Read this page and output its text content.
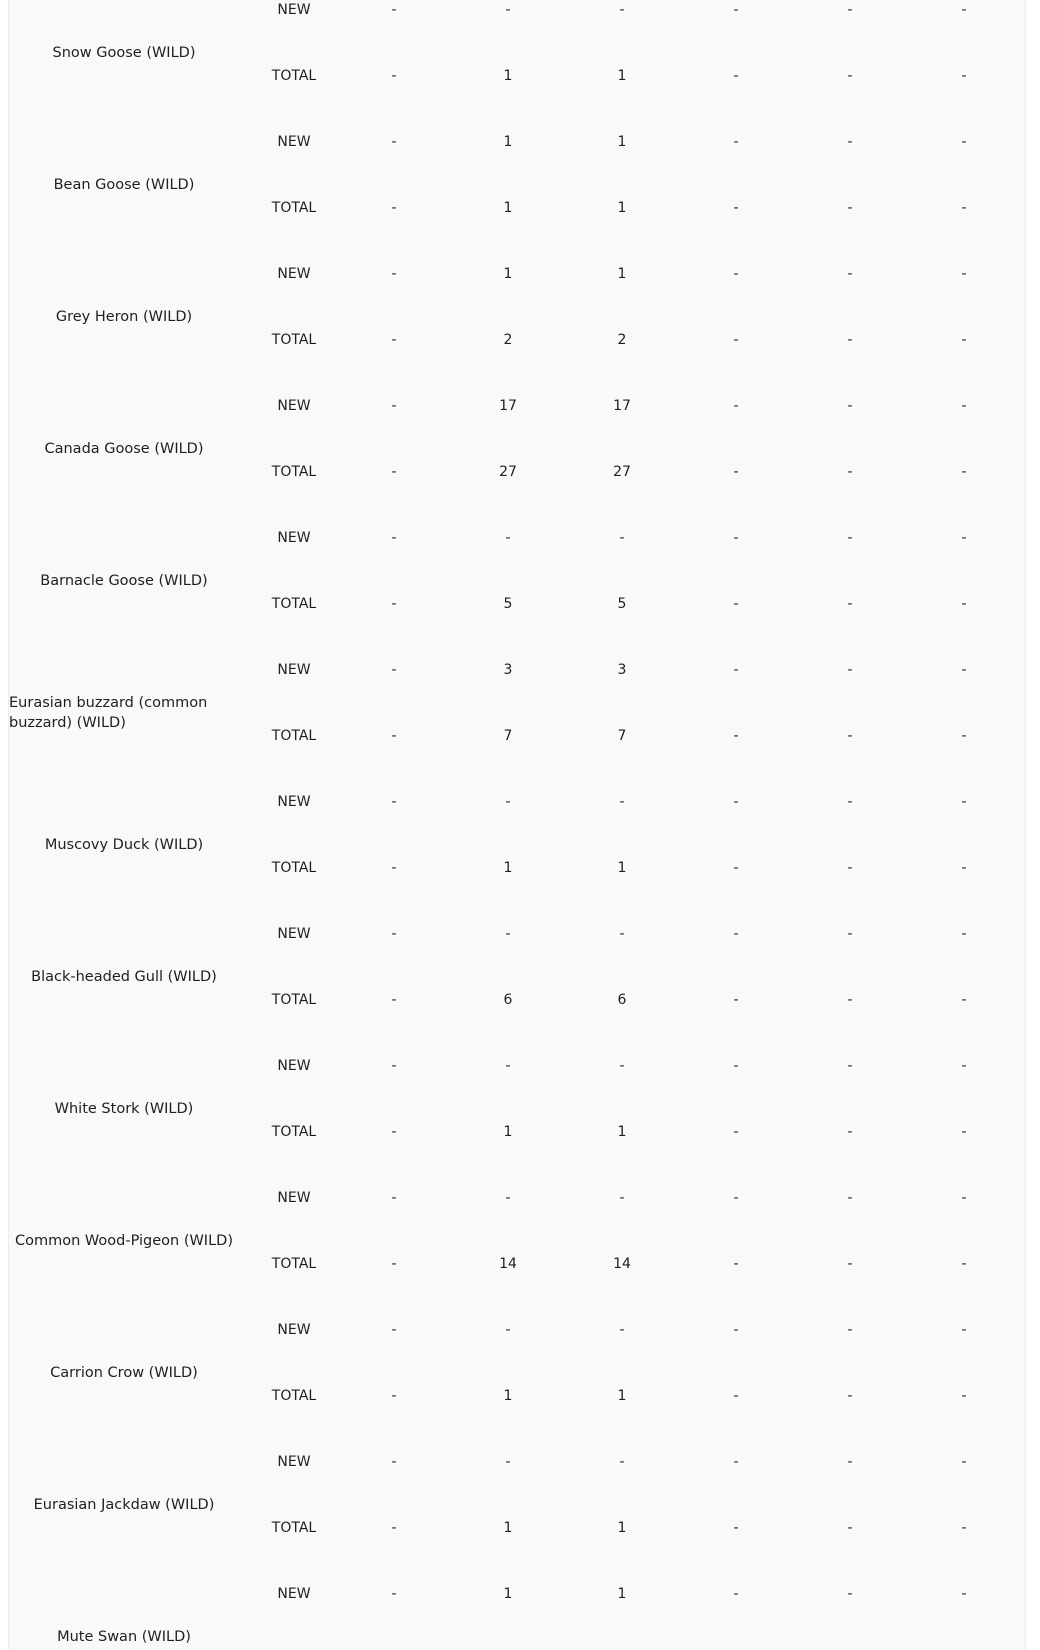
Snow Goose (WILD)
NEW	-	-	-	-	-	-
TOTAL	-	1	1	-	-	-
Bean Goose (WILD)
NEW	-	1	1	-	-	-
TOTAL	-	1	1	-	-	-
Grey Heron (WILD)
NEW	-	1	1	-	-	-
TOTAL	-	2	2	-	-	-
Canada Goose (WILD)
NEW	-	17	17	-	-	-
TOTAL	-	27	27	-	-	-
Barnacle Goose (WILD)
NEW	-	-	-	-	-	-
TOTAL	-	5	5	-	-	-
Eurasian buzzard (common buzzard) (WILD)
NEW	-	3	3	-	-	-
TOTAL	-	7	7	-	-	-
Muscovy Duck (WILD)
NEW	-	-	-	-	-	-
TOTAL	-	1	1	-	-	-
Black-headed Gull (WILD)
NEW	-	-	-	-	-	-
TOTAL	-	6	6	-	-	-
White Stork (WILD)
NEW	-	-	-	-	-	-
TOTAL	-	1	1	-	-	-
Common Wood-Pigeon (WILD)
NEW	-	-	-	-	-	-
TOTAL	-	14	14	-	-	-
Carrion Crow (WILD)
NEW	-	-	-	-	-	-
TOTAL	-	1	1	-	-	-
Eurasian Jackdaw (WILD)
NEW	-	-	-	-	-	-
TOTAL	-	1	1	-	-	-
Mute Swan (WILD)
NEW	-	1	1	-	-	-
